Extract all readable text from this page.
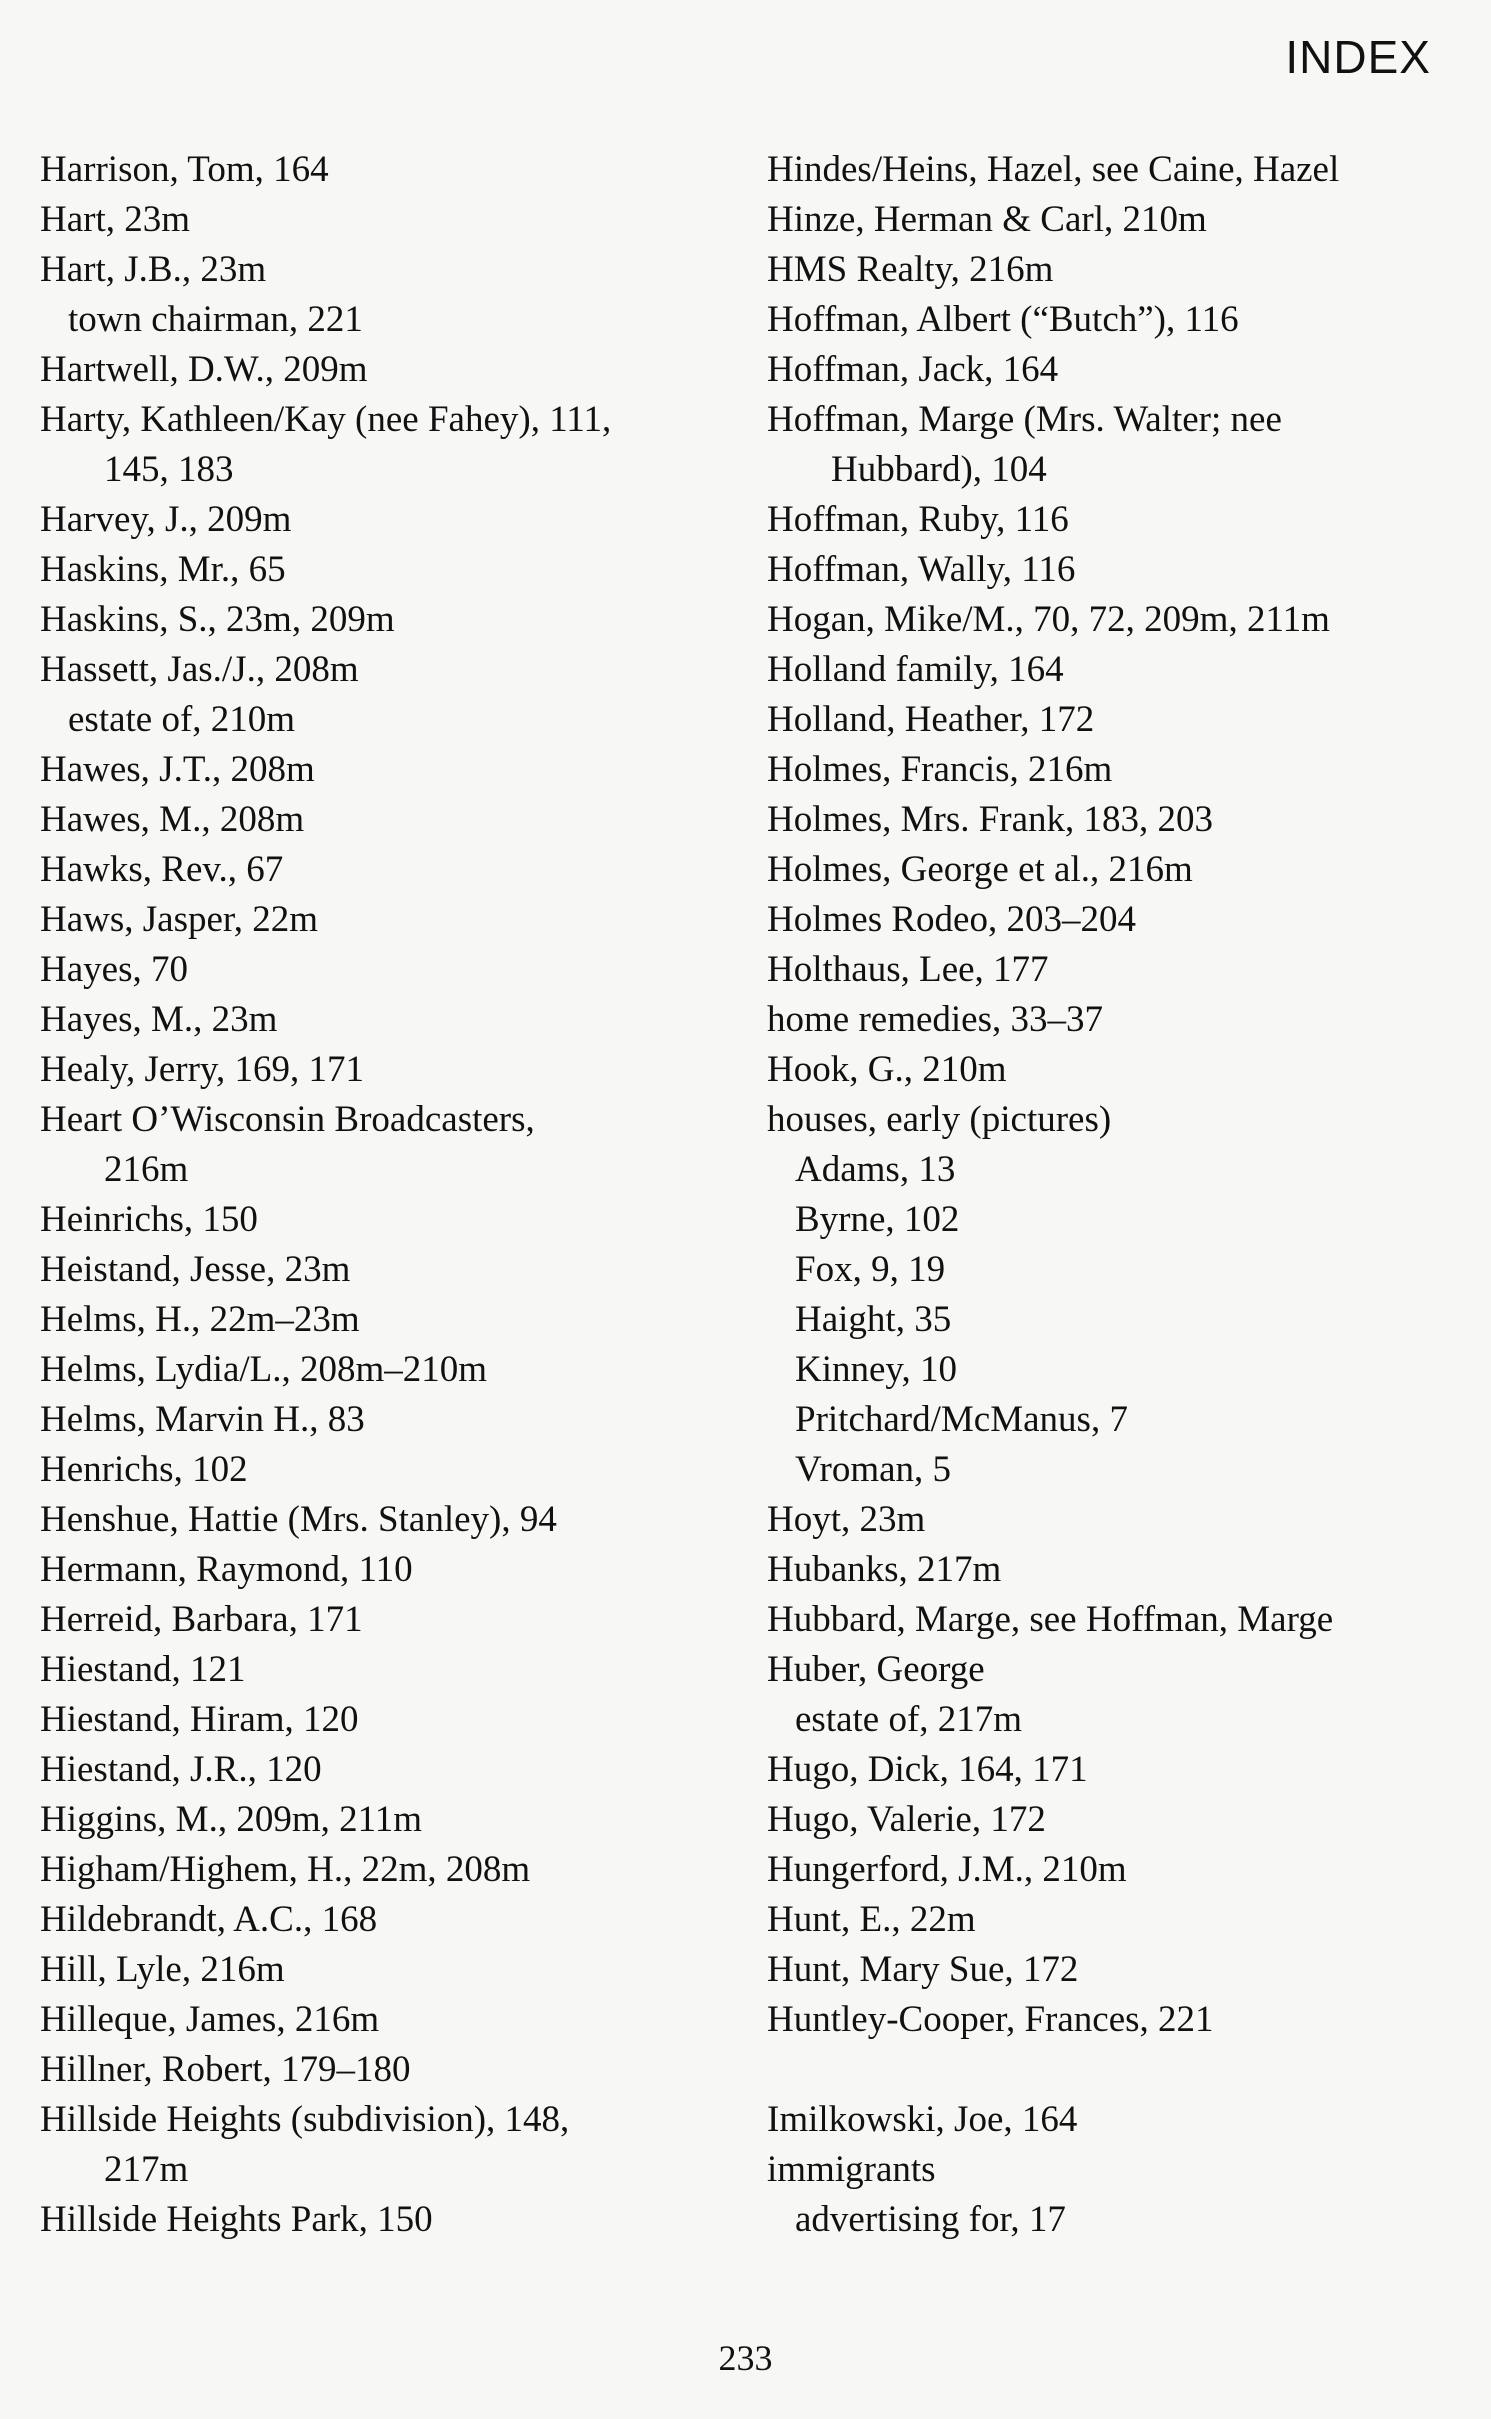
INDEX
Harrison, Tom, 164
Hart, 23m
Hart, J.B., 23m
town chairman, 221
Hartwell, D.W., 209m
Harty, Kathleen/Kay (nee Fahey), 111,
145, 183
Harvey, J., 209m
Haskins, Mr., 65
Haskins, S., 23m, 209m
Hassett, Jas./J., 208m
estate of, 210m
Hawes, J.T., 208m
Hawes, M., 208m
Hawks, Rev., 67
Haws, Jasper, 22m
Hayes, 70
Hayes, M., 23m
Healy, Jerry, 169, 171
Heart O’Wisconsin Broadcasters,
216m
Heinrichs, 150
Heistand, Jesse, 23m
Helms, H., 22m–23m
Helms, Lydia/L., 208m–210m
Helms, Marvin H., 83
Henrichs, 102
Henshue, Hattie (Mrs. Stanley), 94
Hermann, Raymond, 110
Herreid, Barbara, 171
Hiestand, 121
Hiestand, Hiram, 120
Hiestand, J.R., 120
Higgins, M., 209m, 211m
Higham/Highem, H., 22m, 208m
Hildebrandt, A.C., 168
Hill, Lyle, 216m
Hilleque, James, 216m
Hillner, Robert, 179–180
Hillside Heights (subdivision), 148,
217m
Hillside Heights Park, 150
Hindes/Heins, Hazel, see Caine, Hazel
Hinze, Herman & Carl, 210m
HMS Realty, 216m
Hoffman, Albert (“Butch”), 116
Hoffman, Jack, 164
Hoffman, Marge (Mrs. Walter; nee
Hubbard), 104
Hoffman, Ruby, 116
Hoffman, Wally, 116
Hogan, Mike/M., 70, 72, 209m, 211m
Holland family, 164
Holland, Heather, 172
Holmes, Francis, 216m
Holmes, Mrs. Frank, 183, 203
Holmes, George et al., 216m
Holmes Rodeo, 203–204
Holthaus, Lee, 177
home remedies, 33–37
Hook, G., 210m
houses, early (pictures)
Adams, 13
Byrne, 102
Fox, 9, 19
Haight, 35
Kinney, 10
Pritchard/McManus, 7
Vroman, 5
Hoyt, 23m
Hubanks, 217m
Hubbard, Marge, see Hoffman, Marge
Huber, George
estate of, 217m
Hugo, Dick, 164, 171
Hugo, Valerie, 172
Hungerford, J.M., 210m
Hunt, E., 22m
Hunt, Mary Sue, 172
Huntley-Cooper, Frances, 221
Imilkowski, Joe, 164
immigrants
advertising for, 17
233
